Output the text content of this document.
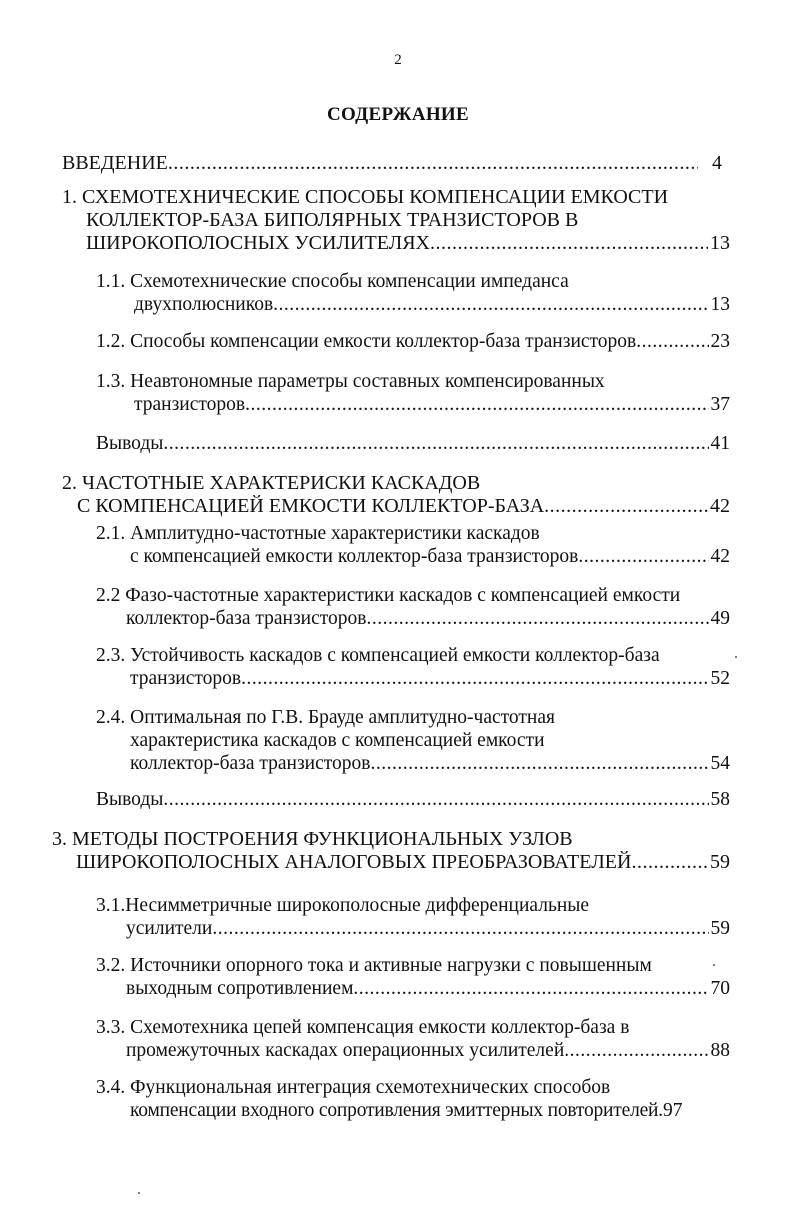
2
СОДЕРЖАНИЕ
ВВЕДЕНИЕ .....	4
1. СХЕМОТЕХНИЧЕСКИЕ СПОСОБЫ КОМПЕНСАЦИИ ЕМКОСТИ
КОЛЛЕКТОР-БАЗА БИПОЛЯРНЫХ ТРАНЗИСТОРОВ В
ШИРОКОПОЛОСНЫХ УСИЛИТЕЛЯХ .....	13
1.1. Схемотехнические способы компенсации импеданса
двухполюсников .....	13
1.2. Способы компенсации емкости коллектор-база транзисторов .....	23
1.3. Неавтономные параметры составных компенсированных
транзисторов .....	37
Выводы .....	41
2. ЧАСТОТНЫЕ ХАРАКТЕРИСКИ КАСКАДОВ
С КОМПЕНСАЦИЕЙ ЕМКОСТИ КОЛЛЕКТОР-БАЗА .....	42
2.1. Амплитудно-частотные характеристики каскадов
с компенсацией емкости коллектор-база транзисторов .....	42
2.2 Фазо-частотные характеристики каскадов с компенсацией емкости
коллектор-база транзисторов .....	49
2.3. Устойчивость каскадов с компенсацией емкости коллектор-база
транзисторов .....	52
2.4. Оптимальная по Г.В. Брауде амплитудно-частотная
характеристика каскадов с компенсацией емкости
коллектор-база транзисторов .....	54
Выводы .....	58
3. МЕТОДЫ ПОСТРОЕНИЯ ФУНКЦИОНАЛЬНЫХ УЗЛОВ
ШИРОКОПОЛОСНЫХ АНАЛОГОВЫХ ПРЕОБРАЗОВАТЕЛЕЙ .....	59
3.1.Несимметричные широкополосные дифференциальные
усилители .....	59
3.2. Источники опорного тока и активные нагрузки с повышенным
выходным сопротивлением .....	70
3.3. Схемотехника цепей компенсация емкости коллектор-база в
промежуточных каскадах операционных усилителей .....	88
3.4. Функциональная интеграция схемотехнических способов
компенсации входного сопротивления эмиттерных повторителей. 97
